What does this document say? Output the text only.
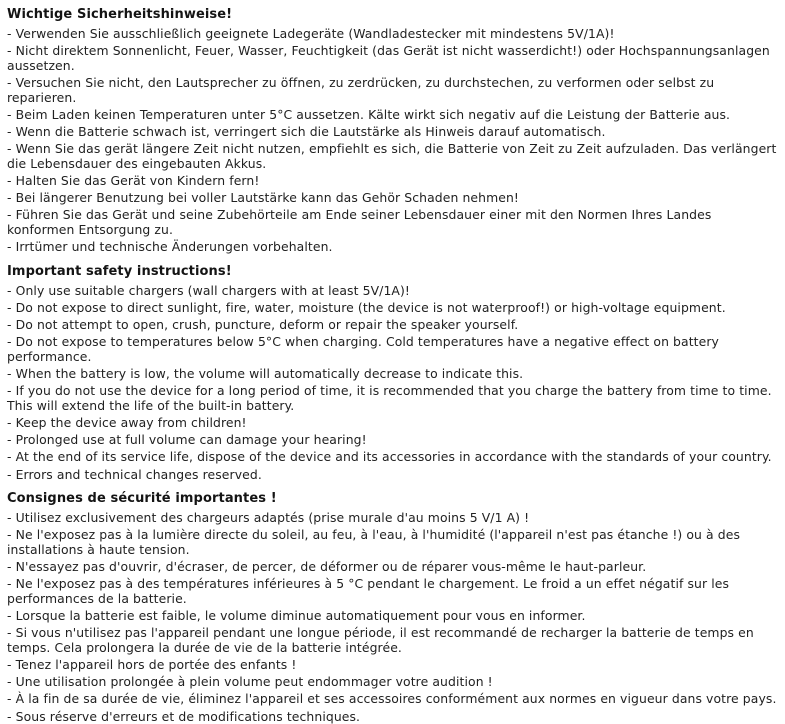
Wichtige Sicherheitshinweise!

- Verwenden Sie ausschließlich geeignete Ladegeräte (Wandladestecker mit mindestens 5V/1A)!

- Nicht direktem Sonnenlicht, Feuer, Wasser, Feuchtigkeit (das Gerät ist nicht wasserdicht!) oder Hochspannungsanlagen aussetzen.

- Versuchen Sie nicht, den Lautsprecher zu öffnen, zu zerdrücken, zu durchstechen, zu verformen oder selbst zu reparieren.

- Beim Laden keinen Temperaturen unter 5°C aussetzen. Kälte wirkt sich negativ auf die Leistung der Batterie aus.

- Wenn die Batterie schwach ist, verringert sich die Lautstärke als Hinweis darauf automatisch.

- Wenn Sie das gerät längere Zeit nicht nutzen, empfiehlt es sich, die Batterie von Zeit zu Zeit aufzuladen. Das verlängert die Lebensdauer des eingebauten Akkus.

- Halten Sie das Gerät von Kindern fern!

- Bei längerer Benutzung bei voller Lautstärke kann das Gehör Schaden nehmen!

- Führen Sie das Gerät und seine Zubehörteile am Ende seiner Lebensdauer einer mit den Normen Ihres Landes konformen Entsorgung zu.

- Irrtümer und technische Änderungen vorbehalten.

Important safety instructions!

- Only use suitable chargers (wall chargers with at least 5V/1A)!

- Do not expose to direct sunlight, fire, water, moisture (the device is not waterproof!) or high-voltage equipment.

- Do not attempt to open, crush, puncture, deform or repair the speaker yourself.

- Do not expose to temperatures below 5°C when charging. Cold temperatures have a negative effect on battery performance.

- When the battery is low, the volume will automatically decrease to indicate this.

- If you do not use the device for a long period of time, it is recommended that you charge the battery from time to time. This will extend the life of the built-in battery.

- Keep the device away from children!

- Prolonged use at full volume can damage your hearing!

- At the end of its service life, dispose of the device and its accessories in accordance with the standards of your country.

- Errors and technical changes reserved.

Consignes de sécurité importantes !

- Utilisez exclusivement des chargeurs adaptés (prise murale d'au moins 5 V/1 A) !

- Ne l'exposez pas à la lumière directe du soleil, au feu, à l'eau, à l'humidité (l'appareil n'est pas étanche !) ou à des installations à haute tension.

- N'essayez pas d'ouvrir, d'écraser, de percer, de déformer ou de réparer vous-même le haut-parleur.

- Ne l'exposez pas à des températures inférieures à 5 °C pendant le chargement. Le froid a un effet négatif sur les performances de la batterie.

- Lorsque la batterie est faible, le volume diminue automatiquement pour vous en informer.

- Si vous n'utilisez pas l'appareil pendant une longue période, il est recommandé de recharger la batterie de temps en temps. Cela prolongera la durée de vie de la batterie intégrée.

- Tenez l'appareil hors de portée des enfants !

- Une utilisation prolongée à plein volume peut endommager votre audition !

- À la fin de sa durée de vie, éliminez l'appareil et ses accessoires conformément aux normes en vigueur dans votre pays.

- Sous réserve d'erreurs et de modifications techniques.
